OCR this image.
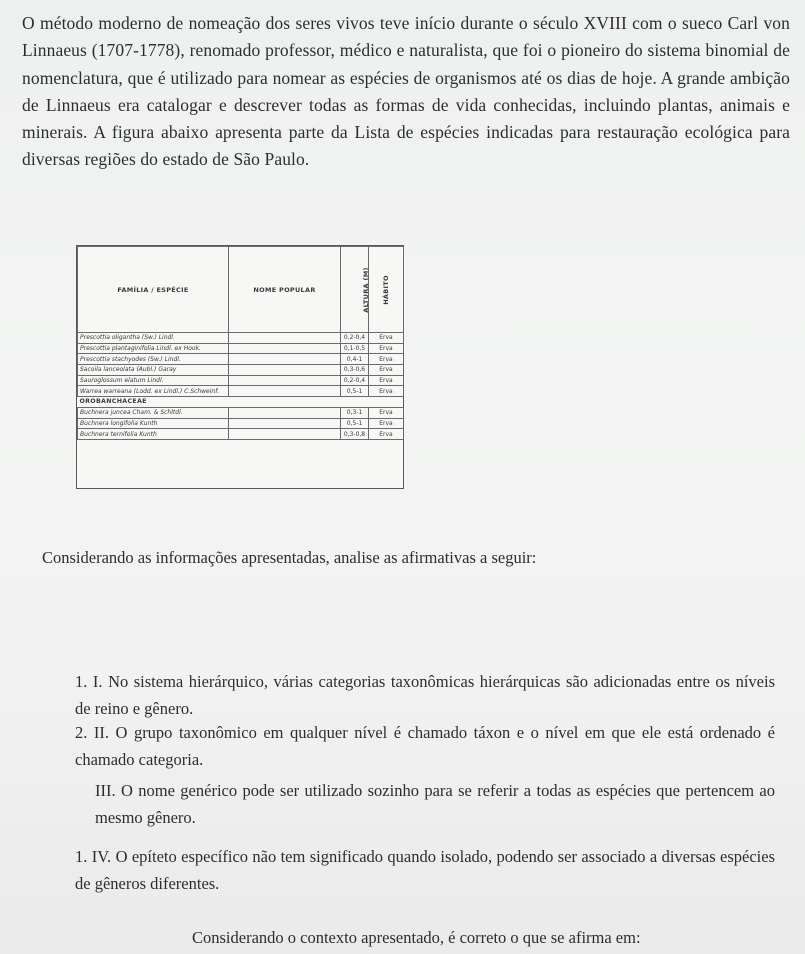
O método moderno de nomeação dos seres vivos teve início durante o século XVIII com o sueco Carl von Linnaeus (1707-1778), renomado professor, médico e naturalista, que foi o pioneiro do sistema binomial de nomenclatura, que é utilizado para nomear as espécies de organismos até os dias de hoje. A grande ambição de Linnaeus era catalogar e descrever todas as formas de vida conhecidas, incluindo plantas, animais e minerais. A figura abaixo apresenta parte da Lista de espécies indicadas para restauração ecológica para diversas regiões do estado de São Paulo.

FAMÍLIA / ESPÉCIE	NOME POPULAR	ALTURA (M)	HÁBITO
Prescottia oligantha (Sw.) Lindl.		0,2-0,4	Erva
Prescottia plantaginifolia Lindl. ex Hook.		0,1-0,5	Erva
Prescottia stachyodes (Sw.) Lindl.		0,4-1	Erva
Sacoila lanceolata (Aubl.) Garay		0,3-0,6	Erva
Sauroglossum elatum Lindl.		0,2-0,4	Erva
Warrea warreana (Lodd. ex Lindl.) C.Schweinf.		0,5-1	Erva
OROBANCHACEAE			
Buchnera juncea Cham. & Schltdl.		0,3-1	Erva
Buchnera longifolia Kunth		0,5-1	Erva
Buchnera ternifolia Kunth		0,3-0,8	Erva
Considerando as informações apresentadas, analise as afirmativas a seguir:
1. I. No sistema hierárquico, várias categorias taxonômicas hierárquicas são adicionadas entre os níveis de reino e gênero.
2. II. O grupo taxonômico em qualquer nível é chamado táxon e o nível em que ele está ordenado é chamado categoria.
III. O nome genérico pode ser utilizado sozinho para se referir a todas as espécies que pertencem ao mesmo gênero.
1. IV. O epíteto específico não tem significado quando isolado, podendo ser associado a diversas espécies de gêneros diferentes.
Considerando o contexto apresentado, é correto o que se afirma em:
